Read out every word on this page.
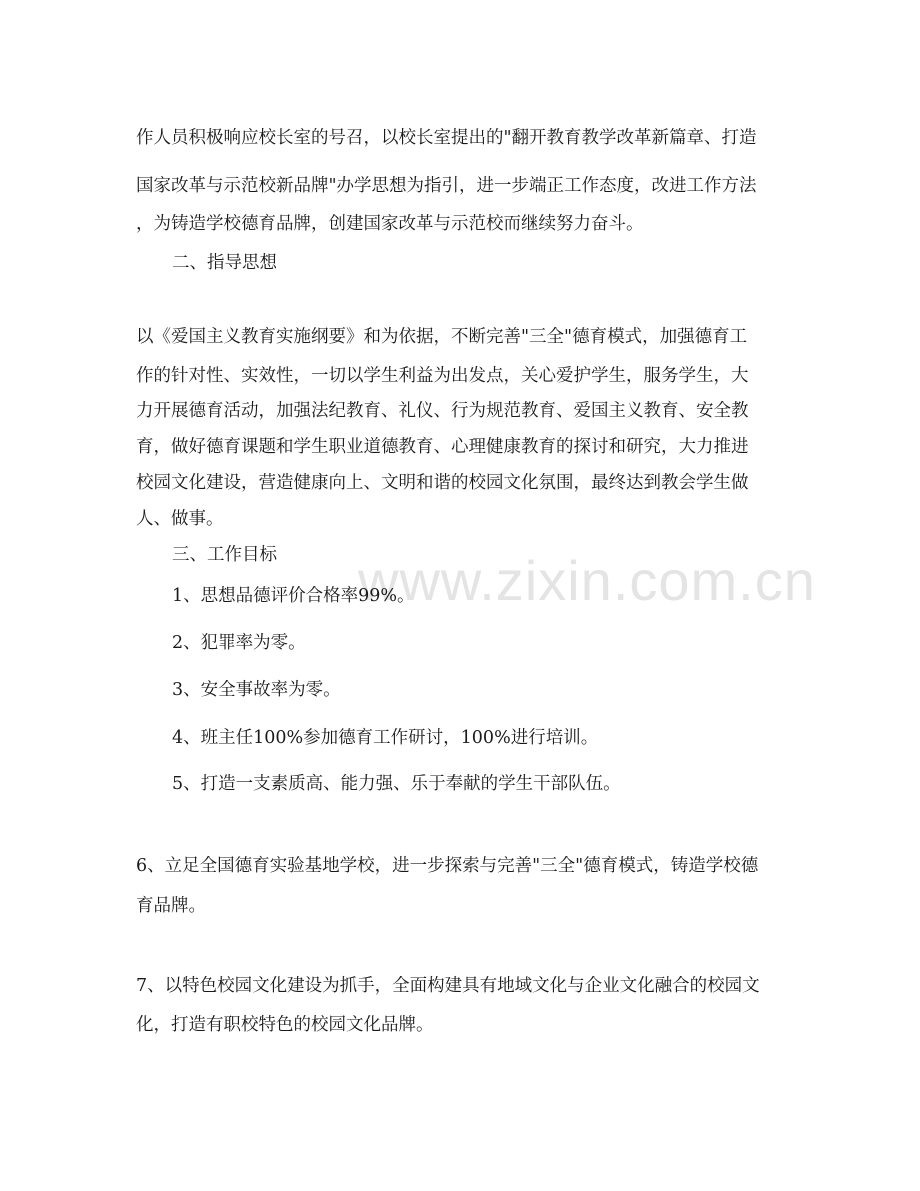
www.zixin.com.cn
作人员积极响应校长室的号召，以校长室提出的"翻开教育教学改革新篇章、打造
国家改革与示范校新品牌"办学思想为指引，进一步端正工作态度，改进工作方法
，为铸造学校德育品牌，创建国家改革与示范校而继续努力奋斗。
二、指导思想
以《爱国主义教育实施纲要》和为依据，不断完善"三全"德育模式，加强德育工
作的针对性、实效性，一切以学生利益为出发点，关心爱护学生，服务学生，大
力开展德育活动，加强法纪教育、礼仪、行为规范教育、爱国主义教育、安全教
育，做好德育课题和学生职业道德教育、心理健康教育的探讨和研究，大力推进
校园文化建设，营造健康向上、文明和谐的校园文化氛围，最终达到教会学生做
人、做事。
三、工作目标
1、思想品德评价合格率99%。
2、犯罪率为零。
3、安全事故率为零。
4、班主任100%参加德育工作研讨，100%进行培训。
5、打造一支素质高、能力强、乐于奉献的学生干部队伍。
6、立足全国德育实验基地学校，进一步探索与完善"三全"德育模式，铸造学校德
育品牌。
7、以特色校园文化建设为抓手，全面构建具有地域文化与企业文化融合的校园文
化，打造有职校特色的校园文化品牌。
